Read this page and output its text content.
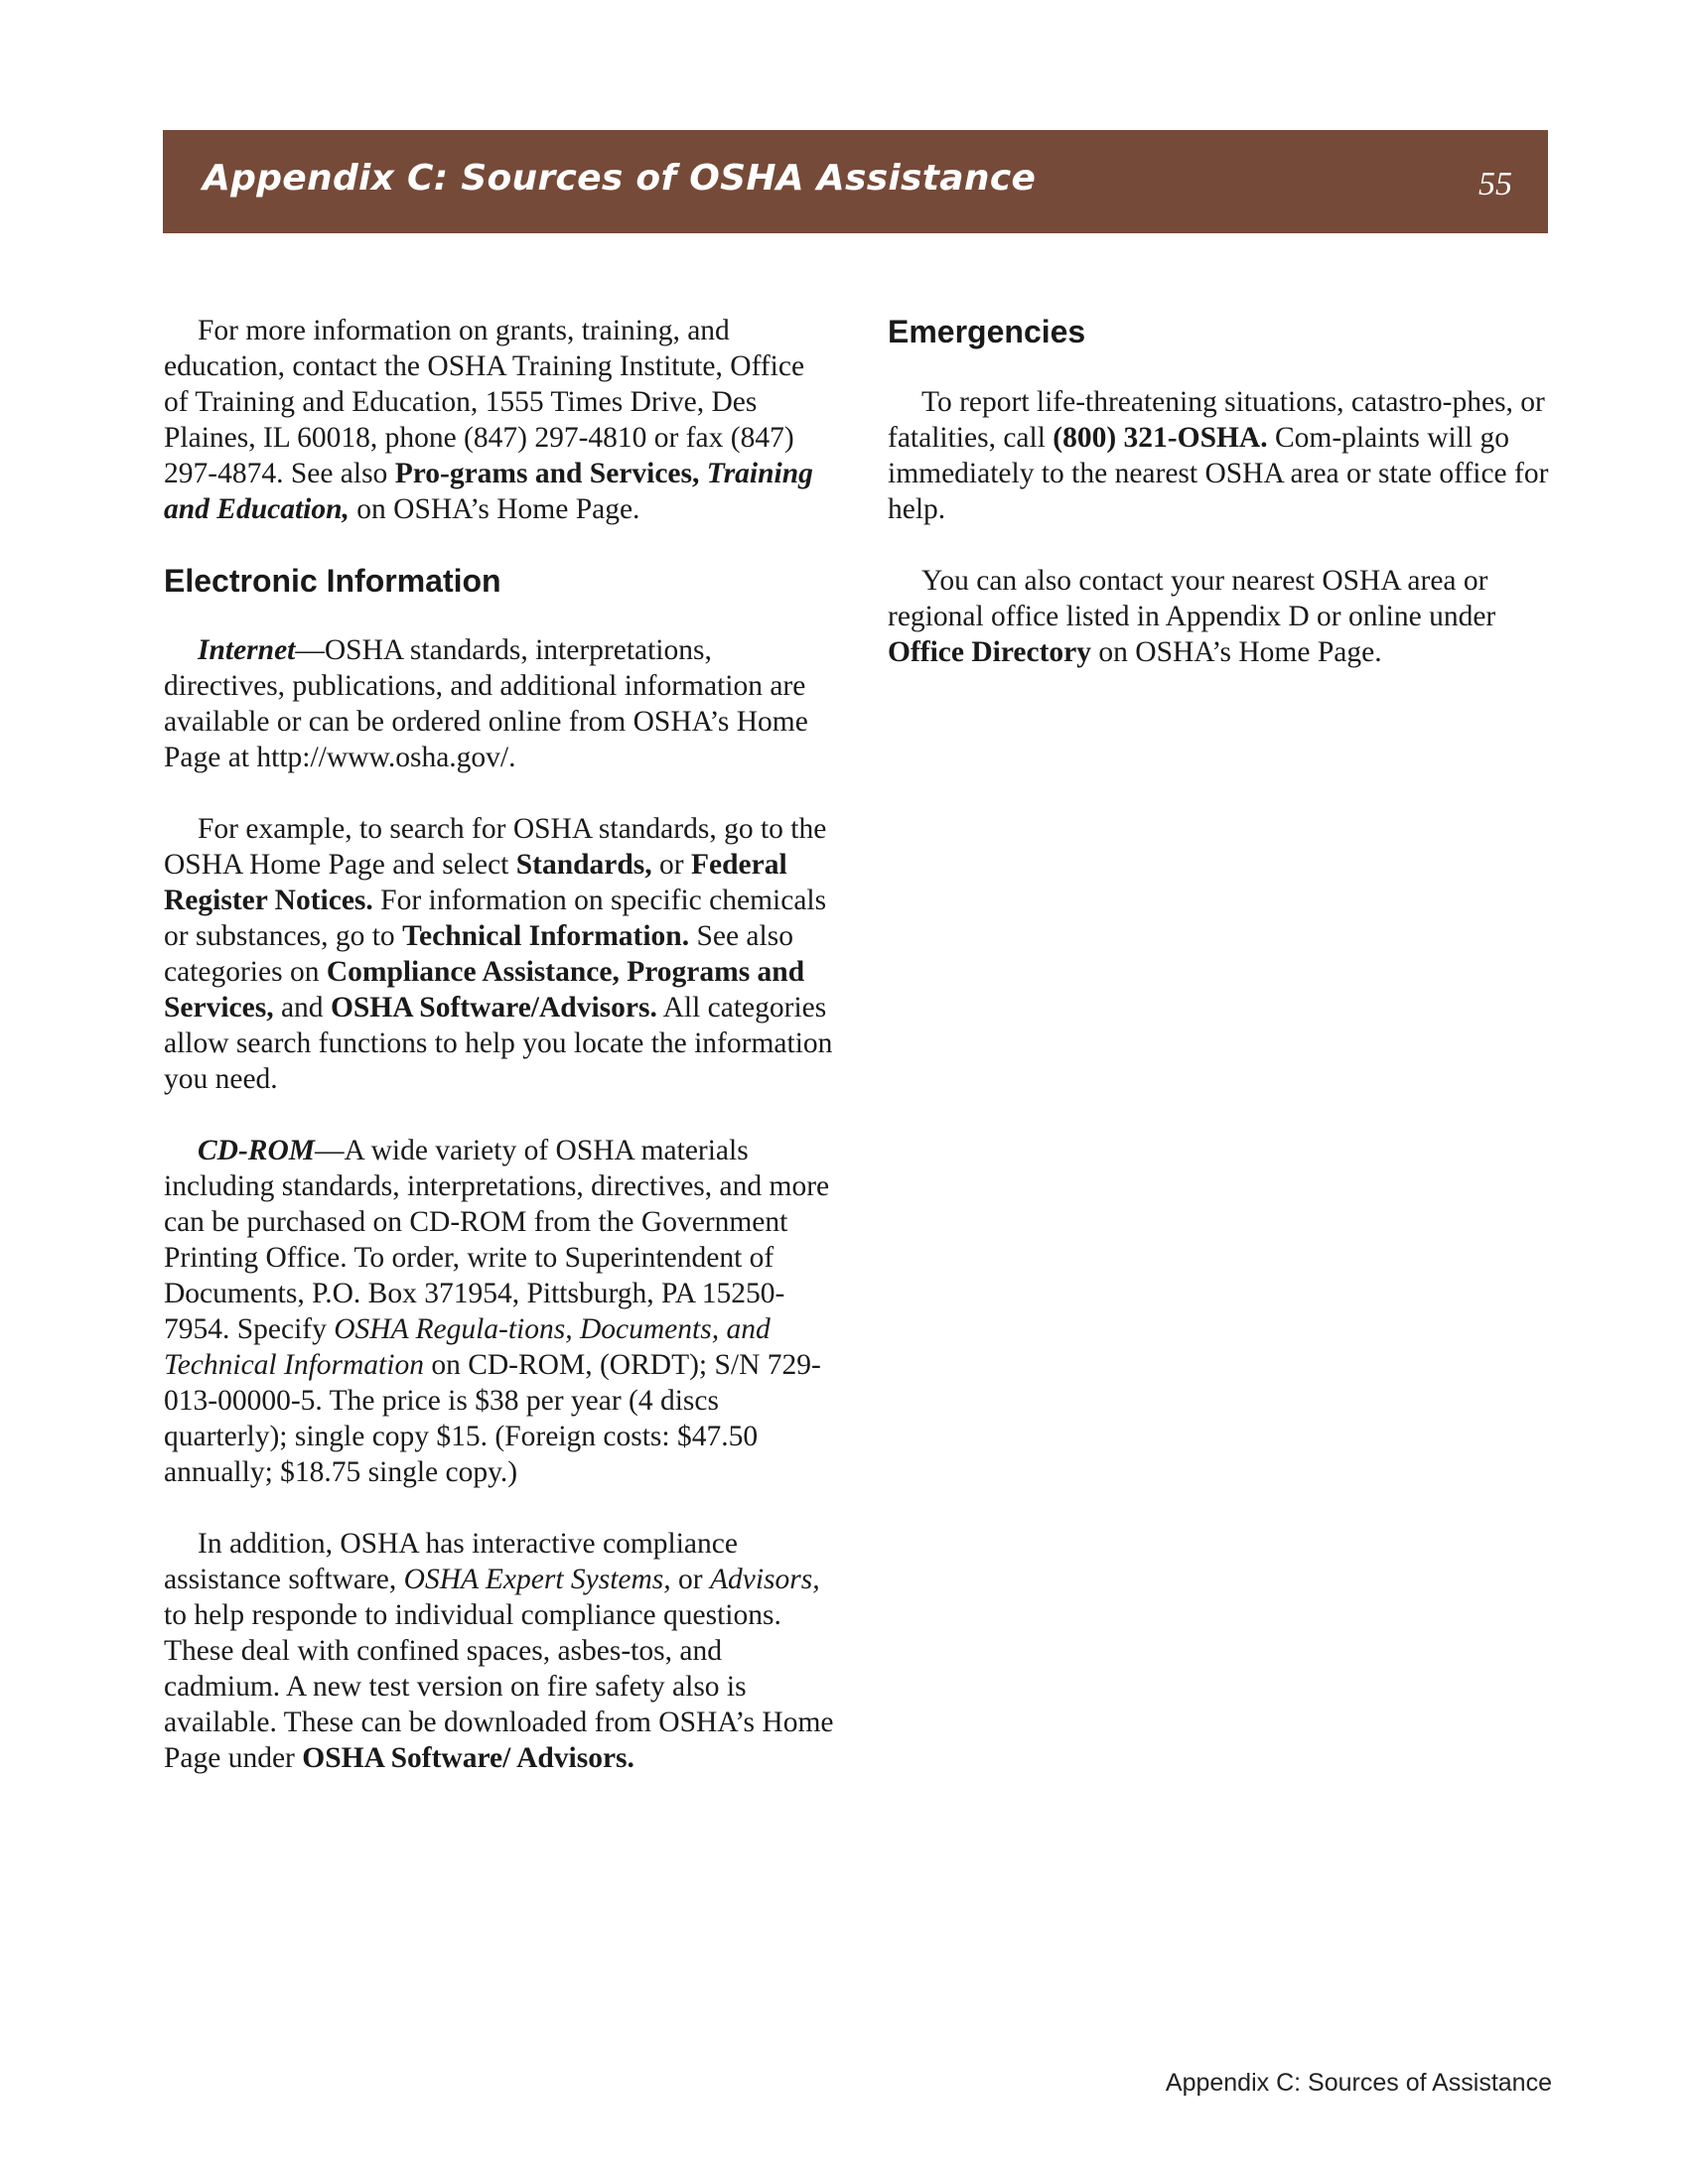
Appendix C: Sources of OSHA Assistance	55

For more information on grants, training, and education, contact the OSHA Training Institute, Office of Training and Education, 1555 Times Drive, Des Plaines, IL 60018, phone (847) 297-4810 or fax (847) 297-4874. See also Pro-grams and Services, Training and Education, on OSHA’s Home Page.

Electronic Information

Internet—OSHA standards, interpretations, directives, publications, and additional information are available or can be ordered online from OSHA’s Home Page at http://www.osha.gov/.

For example, to search for OSHA standards, go to the OSHA Home Page and select Standards, or Federal Register Notices. For information on specific chemicals or substances, go to Technical Information. See also categories on Compliance Assistance, Programs and Services, and OSHA Software/Advisors. All categories allow search functions to help you locate the information you need.

CD-ROM—A wide variety of OSHA materials including standards, interpretations, directives, and more can be purchased on CD-ROM from the Government Printing Office. To order, write to Superintendent of Documents, P.O. Box 371954, Pittsburgh, PA 15250-7954. Specify OSHA Regula-tions, Documents, and Technical Information on CD-ROM, (ORDT); S/N 729-013-00000-5. The price is $38 per year (4 discs quarterly); single copy $15. (Foreign costs: $47.50 annually; $18.75 single copy.)

In addition, OSHA has interactive compliance assistance software, OSHA Expert Systems, or Advisors, to help responde to individual compliance questions. These deal with confined spaces, asbes-tos, and cadmium. A new test version on fire safety also is available. These can be downloaded from OSHA’s Home Page under OSHA Software/ Advisors.

Emergencies

To report life-threatening situations, catastro-phes, or fatalities, call (800) 321-OSHA. Com-plaints will go immediately to the nearest OSHA area or state office for help.

You can also contact your nearest OSHA area or regional office listed in Appendix D or online under Office Directory on OSHA’s Home Page.

Appendix C: Sources of Assistance
